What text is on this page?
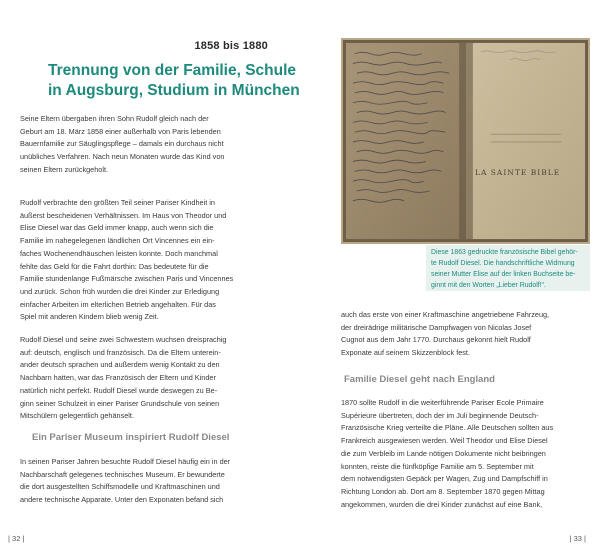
1858 bis 1880
Trennung von der Familie, Schule
in Augsburg, Studium in München
Seine Eltern übergaben ihren Sohn Rudolf gleich nach der
Geburt am 18. März 1858 einer außerhalb von Paris lebenden
Bauernfamilie zur Säuglingspflege – damals ein durchaus nicht
unübliches Verfahren. Nach neun Monaten wurde das Kind von
seinen Eltern zurückgeholt.
Rudolf verbrachte den größten Teil seiner Pariser Kindheit in
äußerst bescheidenen Verhältnissen. Im Haus von Theodor und
Elise Diesel war das Geld immer knapp, auch wenn sich die
Familie im nahegelegenen ländlichen Ort Vincennes ein ein-
faches Wochenendhäuschen leisten konnte. Doch manchmal
fehlte das Geld für die Fahrt dorthin: Das bedeutete für die
Familie stundenlange Fußmärsche zwischen Paris und Vincennes
und zurück. Schon früh wurden die drei Kinder zur Erledigung
einfacher Arbeiten im elterlichen Betrieb angehalten. Für das
Spiel mit anderen Kindern blieb wenig Zeit.
Rudolf Diesel und seine zwei Schwestern wuchsen dreisprachig
auf: deutsch, englisch und französisch. Da die Eltern unterein-
ander deutsch sprachen und außerdem wenig Kontakt zu den
Nachbarn hatten, war das Französisch der Eltern und Kinder
natürlich nicht perfekt. Rudolf Diesel wurde deswegen zu Be-
ginn seiner Schulzeit in einer Pariser Grundschule von seinen
Mitschülern gelegentlich gehänselt.
Ein Pariser Museum inspiriert Rudolf Diesel
In seinen Pariser Jahren besuchte Rudolf Diesel häufig ein in der
Nachbarschaft gelegenes technisches Museum. Er bewunderte
die dort ausgestellten Schiffsmodelle und Kraftmaschinen und
andere technische Apparate. Unter den Exponaten befand sich
| 32 |
LA SAINTE BIBLE
Diese 1863 gedruckte französische Bibel gehör-
te Rudolf Diesel. Die handschriftliche Widmung
seiner Mutter Elise auf der linken Buchseite be-
ginnt mit den Worten „Lieber Rudolf!“.
auch das erste von einer Kraftmaschine angetriebene Fahrzeug,
der dreirädrige militärische Dampfwagen von Nicolas Josef
Cugnot aus dem Jahr 1770. Durchaus gekonnt hielt Rudolf
Exponate auf seinem Skizzenblock fest.
Familie Diesel geht nach England
1870 sollte Rudolf in die weiterführende Pariser Ecole Primaire
Supérieure übertreten, doch der im Juli beginnende Deutsch-
Französische Krieg verteilte die Pläne. Alle Deutschen sollten aus
Frankreich ausgewiesen werden. Weil Theodor und Elise Diesel
die zum Verbleib im Lande nötigen Dokumente nicht beibringen
konnten, reiste die fünfköpfige Familie am 5. September mit
dem notwendigsten Gepäck per Wagen, Zug und Dampfschiff in
Richtung London ab. Dort am 8. September 1870 gegen Mittag
angekommen, wurden die drei Kinder zunächst auf eine Bank,
| 33 |
